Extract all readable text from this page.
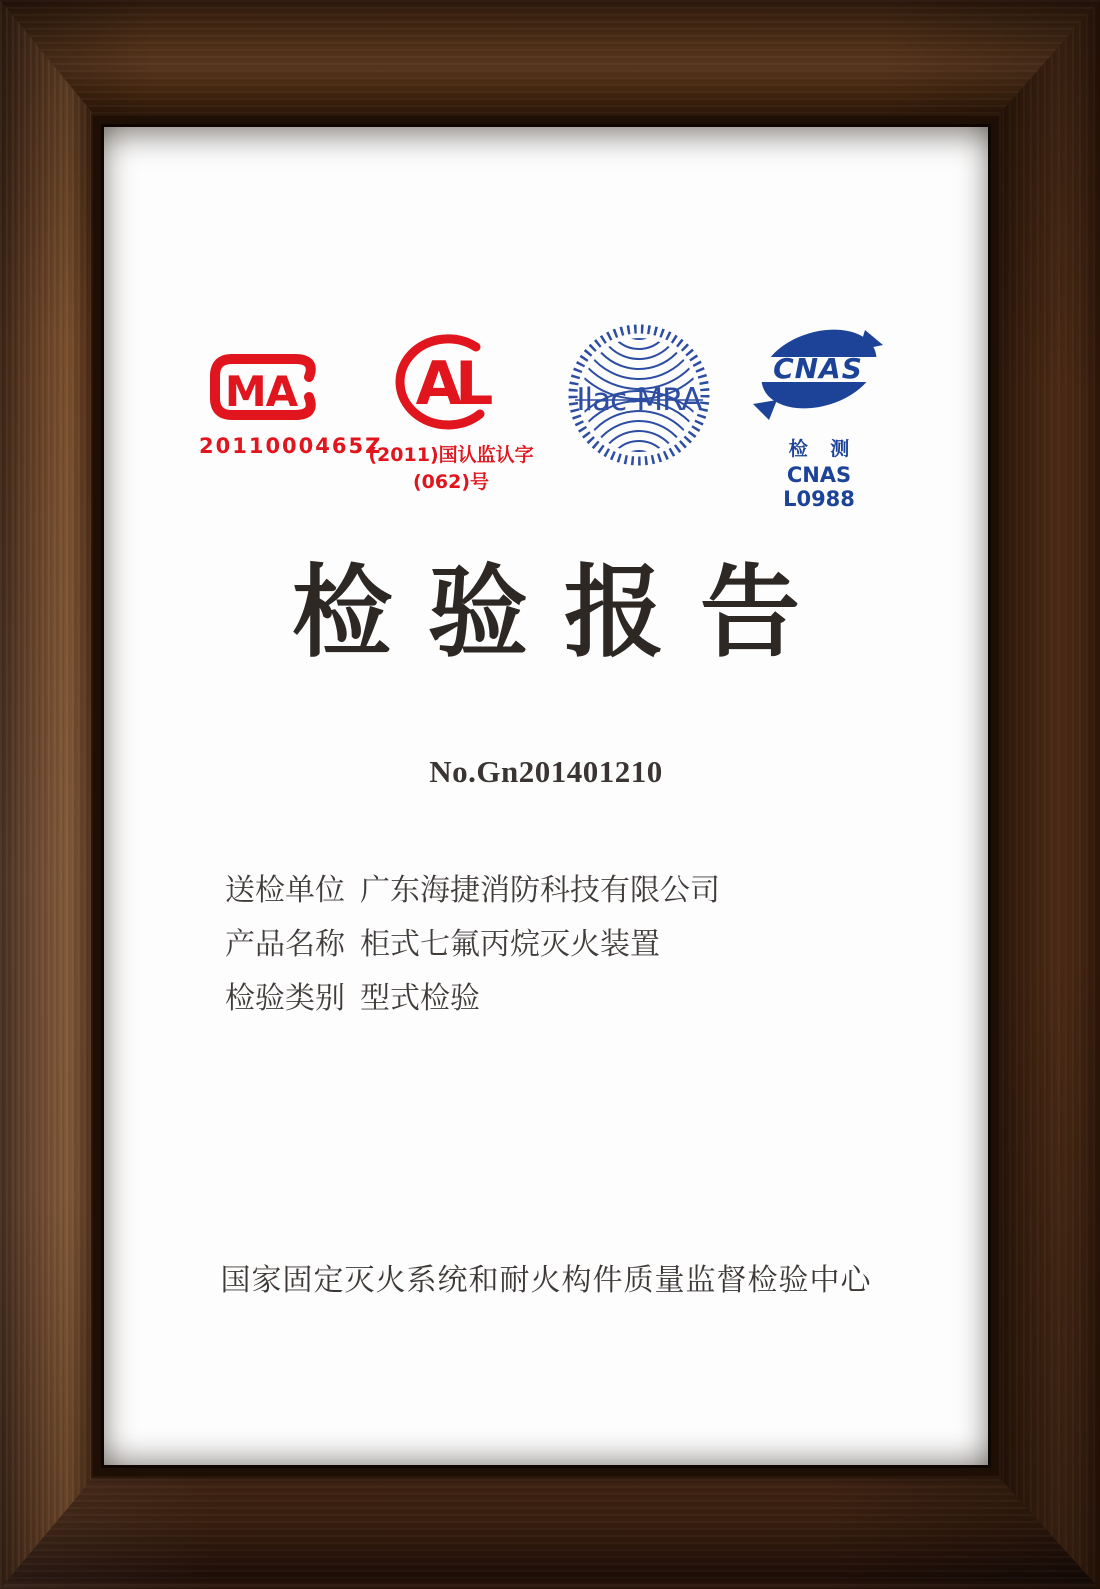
MA
2011000465Z
AL
(2011)国认监认字(062)号
Ilac-MRA
CNAS
检 测
CNAS L0988
检验报告
No.Gn201401210
送检单位 广东海捷消防科技有限公司
产品名称 柜式七氟丙烷灭火装置
检验类别 型式检验
国家固定灭火系统和耐火构件质量监督检验中心
